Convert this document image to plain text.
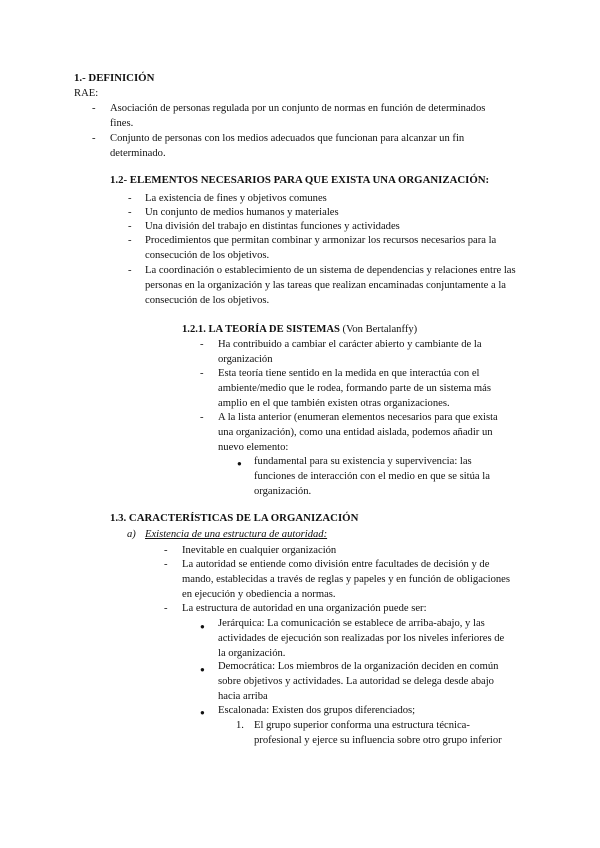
1.- DEFINICIÓN
RAE:
-	Asociación de personas regulada por un conjunto de normas en función de determinados fines.
-	Conjunto de personas con los medios adecuados que funcionan para alcanzar un fin determinado.
1.2- ELEMENTOS NECESARIOS PARA QUE EXISTA UNA ORGANIZACIÓN:
-	La existencia de fines y objetivos comunes
-	Un conjunto de medios humanos y materiales
-	Una división del trabajo en distintas funciones y actividades
-	Procedimientos que permitan combinar y armonizar los recursos necesarios para la consecución de los objetivos.
-	La coordinación o establecimiento de un sistema de dependencias y relaciones entre las personas en la organización y las tareas que realizan encaminadas conjuntamente a la consecución de los objetivos.
1.2.1. LA TEORÍA DE SISTEMAS (Von Bertalanffy)
-	Ha contribuido a cambiar el carácter abierto y cambiante de la organización
-	Esta teoría tiene sentido en la medida en que interactúa con el ambiente/medio que le rodea, formando parte de un sistema más amplio en el que también existen otras organizaciones.
-	A la lista anterior (enumeran elementos necesarios para que exista una organización), como una entidad aislada, podemos añadir un nuevo elemento:
● fundamental para su existencia y supervivencia: las funciones de interacción con el medio en que se sitúa la organización.
1.3. CARACTERÍSTICAS DE LA ORGANIZACIÓN
a) Existencia de una estructura de autoridad:
-	Inevitable en cualquier organización
-	La autoridad se entiende como división entre facultades de decisión y de mando, establecidas a través de reglas y papeles y en función de obligaciones en ejecución y obediencia a normas.
-	La estructura de autoridad en una organización puede ser:
● Jerárquica: La comunicación se establece de arriba-abajo, y las actividades de ejecución son realizadas por los niveles inferiores de la organización.
● Democrática: Los miembros de la organización deciden en común sobre objetivos y actividades. La autoridad se delega desde abajo hacia arriba
● Escalonada: Existen dos grupos diferenciados;
1. El grupo superior conforma una estructura técnica-profesional y ejerce su influencia sobre otro grupo inferior
